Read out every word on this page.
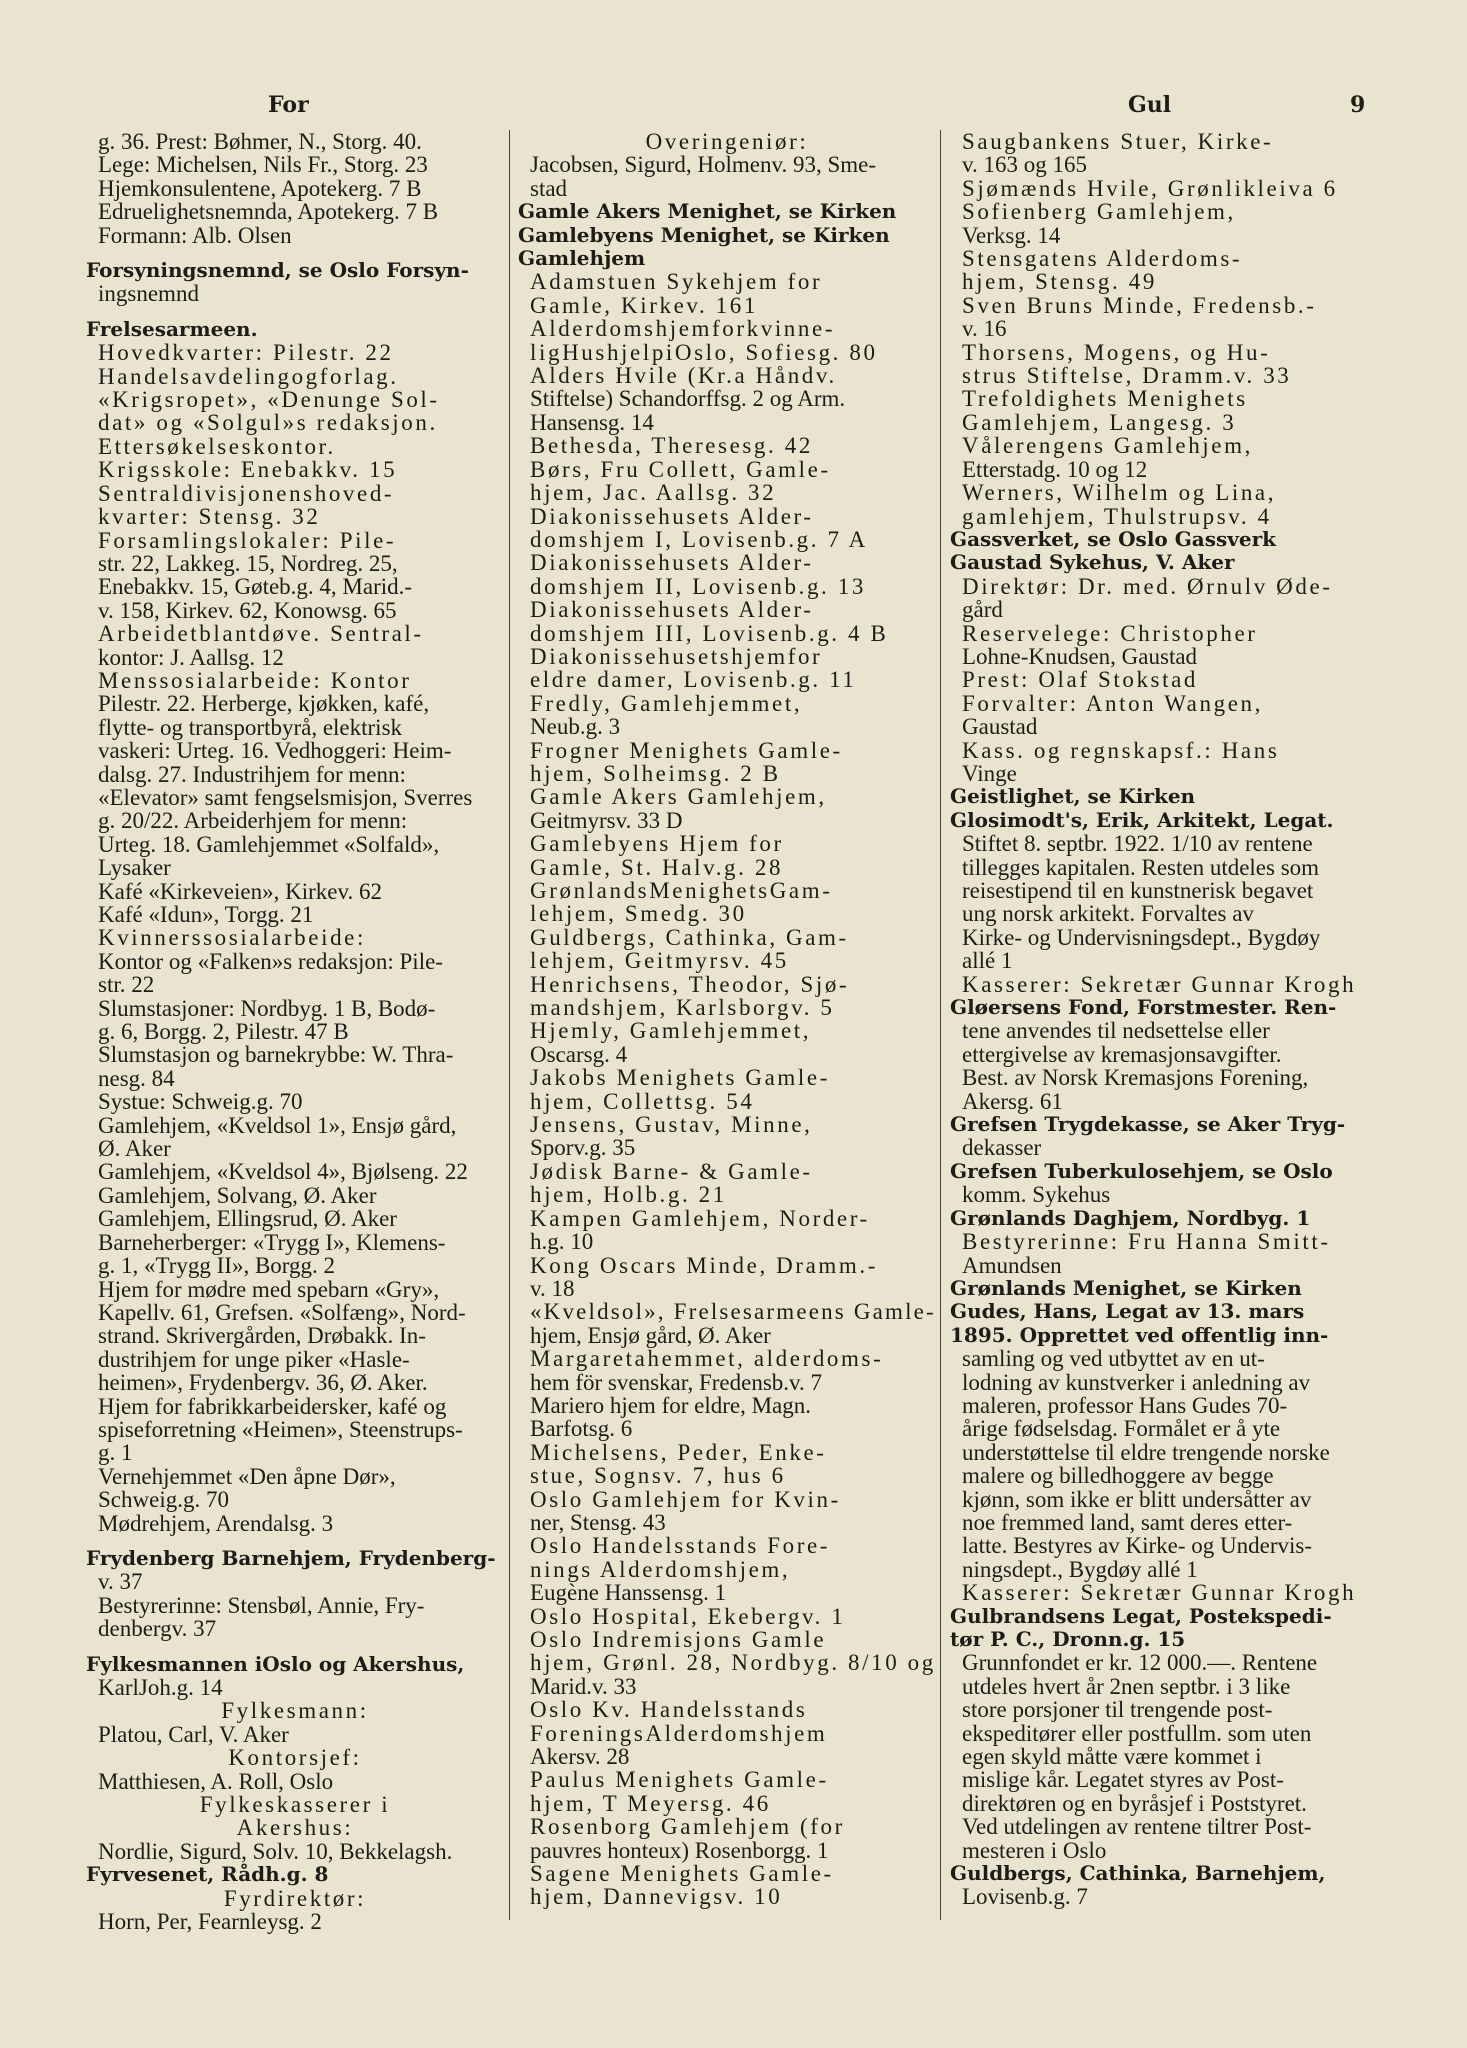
For	Gul	9
g. 36. Prest: Bøhmer, N., Storg. 40.
Lege: Michelsen, Nils Fr., Storg. 23
Hjemkonsulentene, Apotekerg. 7 B
Edruelighetsnemnda, Apotekerg. 7 B
Formann: Alb. Olsen
Forsyningsnemnd, se Oslo Forsyn-
ingsnemnd
Frelsesarmeen.
Hovedkvarter: Pilestr. 22
Handelsavdelingogforlag.
«Krigsropet», «Denunge Sol-
dat» og «Solgul»s redaksjon.
Ettersøkelseskontor.
Krigsskole: Enebakkv. 15
Sentraldivisjonenshoved-
kvarter: Stensg. 32
Forsamlingslokaler: Pile-
str. 22, Lakkeg. 15, Nordreg. 25,
Enebakkv. 15, Gøteb.g. 4, Marid.-
v. 158, Kirkev. 62, Konowsg. 65
Arbeidetblantdøve. Sentral-
kontor: J. Aallsg. 12
Menssosialarbeide: Kontor
Pilestr. 22. Herberge, kjøkken, kafé,
flytte- og transportbyrå, elektrisk
vaskeri: Urteg. 16. Vedhoggeri: Heim-
dalsg. 27. Industrihjem for menn:
«Elevator» samt fengselsmisjon, Sverres
g. 20/22. Arbeiderhjem for menn:
Urteg. 18. Gamlehjemmet «Solfald»,
Lysaker
Kafé «Kirkeveien», Kirkev. 62
Kafé «Idun», Torgg. 21
Kvinnerssosialarbeide:
Kontor og «Falken»s redaksjon: Pile-
str. 22
Slumstasjoner: Nordbyg. 1 B, Bodø-
g. 6, Borgg. 2, Pilestr. 47 B
Slumstasjon og barnekrybbe: W. Thra-
nesg. 84
Systue: Schweig.g. 70
Gamlehjem, «Kveldsol 1», Ensjø gård,
Ø. Aker
Gamlehjem, «Kveldsol 4», Bjølseng. 22
Gamlehjem, Solvang, Ø. Aker
Gamlehjem, Ellingsrud, Ø. Aker
Barneherberger: «Trygg I», Klemens-
g. 1, «Trygg II», Borgg. 2
Hjem for mødre med spebarn «Gry»,
Kapellv. 61, Grefsen. «Solfæng», Nord-
strand. Skrivergården, Drøbakk. In-
dustrihjem for unge piker «Hasle-
heimen», Frydenbergv. 36, Ø. Aker.
Hjem for fabrikkarbeidersker, kafé og
spiseforretning «Heimen», Steenstrups-
g. 1
Vernehjemmet «Den åpne Dør»,
Schweig.g. 70
Mødrehjem, Arendalsg. 3
Frydenberg Barnehjem, Frydenberg-
v. 37
Bestyrerinne: Stensbøl, Annie, Fry-
denbergv. 37
Fylkesmannen iOslo og Akershus,
KarlJoh.g. 14
Fylkesmann:
Platou, Carl, V. Aker
Kontorsjef:
Matthiesen, A. Roll, Oslo
Fylkeskasserer i
Akershus:
Nordlie, Sigurd, Solv. 10, Bekkelagsh.
Fyrvesenet, Rådh.g. 8
Fyrdirektør:
Horn, Per, Fearnleysg. 2
Overingeniør:
Jacobsen, Sigurd, Holmenv. 93, Sme-
stad
Gamle Akers Menighet, se Kirken
Gamlebyens Menighet, se Kirken
Gamlehjem
Adamstuen Sykehjem for
Gamle, Kirkev. 161
Alderdomshjemforkvinne-
ligHushjelpiOslo, Sofiesg. 80
Alders Hvile (Kr.a Håndv.
Stiftelse) Schandorffsg. 2 og Arm.
Hansensg. 14
Bethesda, Theresesg. 42
Børs, Fru Collett, Gamle-
hjem, Jac. Aallsg. 32
Diakonissehusets Alder-
domshjem I, Lovisenb.g. 7 A
Diakonissehusets Alder-
domshjem II, Lovisenb.g. 13
Diakonissehusets Alder-
domshjem III, Lovisenb.g. 4 B
Diakonissehusetshjemfor
eldre damer, Lovisenb.g. 11
Fredly, Gamlehjemmet,
Neub.g. 3
Frogner Menighets Gamle-
hjem, Solheimsg. 2 B
Gamle Akers Gamlehjem,
Geitmyrsv. 33 D
Gamlebyens Hjem for
Gamle, St. Halv.g. 28
GrønlandsMenighetsGam-
lehjem, Smedg. 30
Guldbergs, Cathinka, Gam-
lehjem, Geitmyrsv. 45
Henrichsens, Theodor, Sjø-
mandshjem, Karlsborgv. 5
Hjemly, Gamlehjemmet,
Oscarsg. 4
Jakobs Menighets Gamle-
hjem, Collettsg. 54
Jensens, Gustav, Minne,
Sporv.g. 35
Jødisk Barne- & Gamle-
hjem, Holb.g. 21
Kampen Gamlehjem, Norder-
h.g. 10
Kong Oscars Minde, Dramm.-
v. 18
«Kveldsol», Frelsesarmeens Gamle-
hjem, Ensjø gård, Ø. Aker
Margaretahemmet, alderdoms-
hem för svenskar, Fredensb.v. 7
Mariero hjem for eldre, Magn.
Barfotsg. 6
Michelsens, Peder, Enke-
stue, Sognsv. 7, hus 6
Oslo Gamlehjem for Kvin-
ner, Stensg. 43
Oslo Handelsstands Fore-
nings Alderdomshjem,
Eugène Hanssensg. 1
Oslo Hospital, Ekebergv. 1
Oslo Indremisjons Gamle
hjem, Grønl. 28, Nordbyg. 8/10 og
Marid.v. 33
Oslo Kv. Handelsstands
ForeningsAlderdomshjem
Akersv. 28
Paulus Menighets Gamle-
hjem, T Meyersg. 46
Rosenborg Gamlehjem (for
pauvres honteux) Rosenborgg. 1
Sagene Menighets Gamle-
hjem, Dannevigsv. 10
Saugbankens Stuer, Kirke-
v. 163 og 165
Sjømænds Hvile, Grønlikleiva 6
Sofienberg Gamlehjem,
Verksg. 14
Stensgatens Alderdoms-
hjem, Stensg. 49
Sven Bruns Minde, Fredensb.-
v. 16
Thorsens, Mogens, og Hu-
strus Stiftelse, Dramm.v. 33
Trefoldighets Menighets
Gamlehjem, Langesg. 3
Vålerengens Gamlehjem,
Etterstadg. 10 og 12
Werners, Wilhelm og Lina,
gamlehjem, Thulstrupsv. 4
Gassverket, se Oslo Gassverk
Gaustad Sykehus, V. Aker
Direktør: Dr. med. Ørnulv Øde-
gård
Reservelege: Christopher
Lohne-Knudsen, Gaustad
Prest: Olaf Stokstad
Forvalter: Anton Wangen,
Gaustad
Kass. og regnskapsf.: Hans
Vinge
Geistlighet, se Kirken
Glosimodt's, Erik, Arkitekt, Legat.
Stiftet 8. septbr. 1922. 1/10 av rentene
tillegges kapitalen. Resten utdeles som
reisestipend til en kunstnerisk begavet
ung norsk arkitekt. Forvaltes av
Kirke- og Undervisningsdept., Bygdøy
allé 1
Kasserer: Sekretær Gunnar Krogh
Gløersens Fond, Forstmester. Ren-
tene anvendes til nedsettelse eller
ettergivelse av kremasjonsavgifter.
Best. av Norsk Kremasjons Forening,
Akersg. 61
Grefsen Trygdekasse, se Aker Tryg-
dekasser
Grefsen Tuberkulosehjem, se Oslo
komm. Sykehus
Grønlands Daghjem, Nordbyg. 1
Bestyrerinne: Fru Hanna Smitt-
Amundsen
Grønlands Menighet, se Kirken
Gudes, Hans, Legat av 13. mars
1895. Opprettet ved offentlig inn-
samling og ved utbyttet av en ut-
lodning av kunstverker i anledning av
maleren, professor Hans Gudes 70-
årige fødselsdag. Formålet er å yte
understøttelse til eldre trengende norske
malere og billedhoggere av begge
kjønn, som ikke er blitt undersåtter av
noe fremmed land, samt deres etter-
latte. Bestyres av Kirke- og Undervis-
ningsdept., Bygdøy allé 1
Kasserer: Sekretær Gunnar Krogh
Gulbrandsens Legat, Postekspedi-
tør P. C., Dronn.g. 15
Grunnfondet er kr. 12 000.—. Rentene
utdeles hvert år 2nen septbr. i 3 like
store porsjoner til trengende post-
ekspeditører eller postfullm. som uten
egen skyld måtte være kommet i
mislige kår. Legatet styres av Post-
direktøren og en byråsjef i Poststyret.
Ved utdelingen av rentene tiltrer Post-
mesteren i Oslo
Guldbergs, Cathinka, Barnehjem,
Lovisenb.g. 7
